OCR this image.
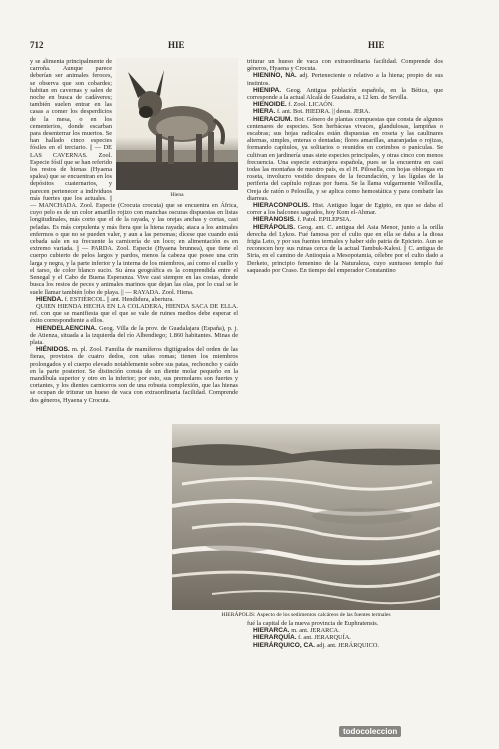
712	HIE	HIE
Hiena

y se alimenta principalmente de carroña. Aunque parece deberían ser animales feroces, se observa que son cobardes; habitan en cavernas y salen de noche en busca de cadáveres; también suelen entrar en las casas a comer los desperdicios de la mesa, o en los cementerios, donde escarban para desenterrar los muertos. Se han hallado cinco especies fósiles en el terciario. || — DE LAS CAVERNAS. Zool. Especie fósil que se han referido los restos de hienas (Hyaena spalea) que se encuentran en los depósitos cuaternarios, y parecen pertenecer a individuos más fuertes que los actuales. || — MANCHADA. Zool. Especie (Crocuta crocuta) que se encuentra en África, cuyo pelo es de un color amarillo rojizo con manchas oscuras dispuestas en listas longitudinales, más corto que el de la rayada, y las orejas anchas y cortas, casi peladas. Es más corpulenta y más fiera que la hiena rayada; ataca a los animales enfermos o que no se pueden valer, y aun a las personas; dícese que cuando está cebada sale en su frecuente la carnicería de un loco; en alimentación es en extremo variada. || — PARDA. Zool. Especie (Hyaena brunnea), que tiene el cuerpo cubierto de pelos largos y pardos, menos la cabeza que posee una crin larga y negra, y la parte inferior y la interna de los miembros, así como el cuello y el tarso, de color blanco sucio. Su área geográfica es la comprendida entre el Senegal y el Cabo de Buena Esperanza. Vive casi siempre en las costas, donde busca los restos de peces y animales marinos que dejan las olas, por lo cual se le suele llamar también lobo de playa. || — RAYADA. Zool. Hiena.

HIENDA. f. ESTIÉRCOL. || ant. Hendidura, abertura.

QUIEN HIENDA HECHA EN LA COLADERA, HIENDA SACA DE ELLA. ref. con que se manifiesta que el que se vale de ruines medios debe esperar el éxito correspondiente a ellos.

HIENDELAENCINA. Geog. Villa de la prov. de Guadalajara (España), p. j. de Atienza, situada a la izquierda del río Albendiego; 1.860 habitantes. Minas de plata.

HIÉNIDOS. m. pl. Zool. Familia de mamíferos digitígrados del orden de las fieras, provistos de cuatro dedos, con uñas romas; tienen los miembros prolongados y el cuerpo elevado notablemente sobre sus patas, rechoncho y caído en la parte posterior. Se distinción consta de un diente molar pequeño en la mandíbula superior y otro en la inferior; por esto, sus premolares son fuertes y cortantes, y los dientes carniceros son de una robusta complexión, que las hienas se ocupan de triturar un hueso de vaca con extraordinaria facilidad. Comprende dos géneros, Hyaena y Crocuta.

triturar un hueso de vaca con extraordinaria facilidad. Comprende dos géneros, Hyaena y Crocuta.

HIENINO, NA. adj. Perteneciente o relativo a la hiena; propio de sus instintos.

HIENIPA. Geog. Antigua población española, en la Bética, que corresponde a la actual Alcalá de Guadaira, a 12 km. de Sevilla.

HIENOIDE. f. Zool. LICAÓN.

HIERA. f. ant. Bot. HIEDRA. || desus. JERA.

HIERACIUM. Bot. Género de plantas compuestas que consta de algunos centenares de especies. Son herbáceas vivaces, glandulosas, lampiñas o escabras; sus hojas radicales están dispuestas en roseta y las caulinares alternas, simples, enteras o dentadas; flores amarillas, anaranjadas o rojizas, formando capítulos, ya solitarios o reunidos en corimbos o panículas. Se cultivan en jardinería unas siete especies principales, y otras cinco con menos frecuencia. Una especie extranjera española, pues se la encuentra en casi todas las montañas de nuestro país, es el H. Pilosella, con hojas oblongas en roseta, involucro vestido despues de la fecundación, y las lígulas de la periferia del capítulo rojizas por fuera. Se la llama vulgarmente Vellosilla, Oreja de ratón o Pelosilla, y se aplica como hemostática y para combatir las diarreas.

HIERACONPOLIS. Hist. Antiguo lugar de Egipto, en que se daba el correr a los halcones sagrados, hoy Kom el-Ahmar.

HIERANOSIS. f. Patol. EPILEPSIA.

HIERÁPOLIS. Geog. ant. C. antigua del Asia Menor, junto a la orilla derecha del Lykos. Fué famosa por el culto que en ella se daba a la diosa frigia Leto, y por sus fuentes termales y haber sido patria de Epicteto. Aun se reconocen hoy sus ruinas cerca de la actual Tambuk-Kalesi. || C. antigua de Siria, en el camino de Antioquía a Mesopotamia, célebre por el culto dado a Derketo, principio femenino de la Naturaleza, cuyo suntuoso templo fué saqueado por Craso. En tiempo del emperador Constantino

HIERÁPOLIS: Aspecto de los sedimentos calcáreos de las fuentes termales

fué la capital de la nueva provincia de Euphratensis.

HIERARCA. m. ant. JERARCA.

HIERARQUÍA. f. ant. JERARQUÍA.

HIERÁRQUICO, CA. adj. ant. JERÁRQUICO.

todocoleccion
